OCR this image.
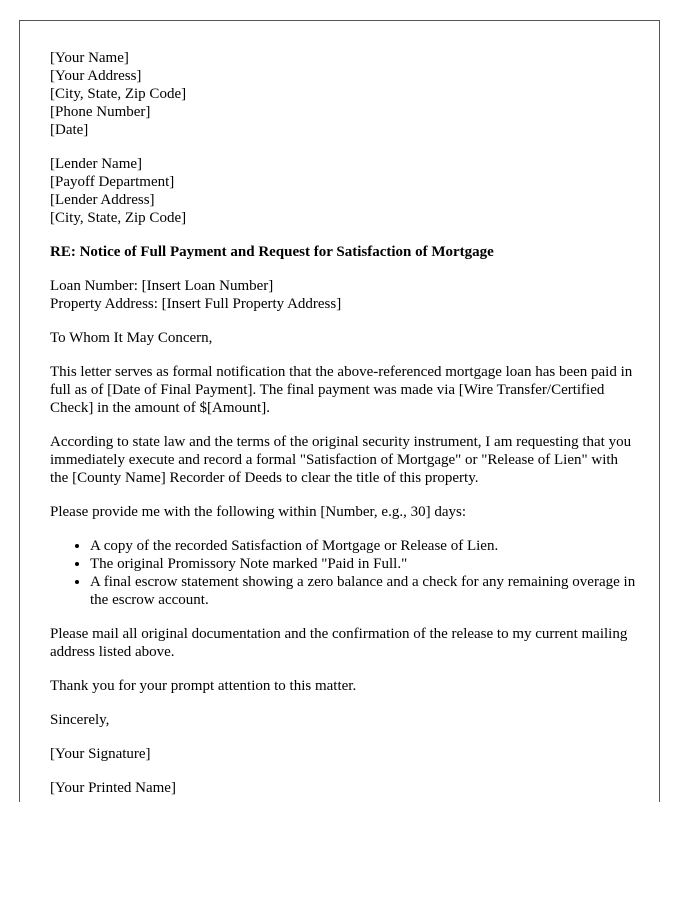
[Your Name]
[Your Address]
[City, State, Zip Code]
[Phone Number]
[Date]
[Lender Name]
[Payoff Department]
[Lender Address]
[City, State, Zip Code]
RE: Notice of Full Payment and Request for Satisfaction of Mortgage
Loan Number: [Insert Loan Number]
Property Address: [Insert Full Property Address]

To Whom It May Concern,

This letter serves as formal notification that the above-referenced mortgage loan has been paid in full as of [Date of Final Payment]. The final payment was made via [Wire Transfer/Certified Check] in the amount of $[Amount].

According to state law and the terms of the original security instrument, I am requesting that you immediately execute and record a formal "Satisfaction of Mortgage" or "Release of Lien" with the [County Name] Recorder of Deeds to clear the title of this property.

Please provide me with the following within [Number, e.g., 30] days:

• A copy of the recorded Satisfaction of Mortgage or Release of Lien.
• The original Promissory Note marked "Paid in Full."
• A final escrow statement showing a zero balance and a check for any remaining overage in the escrow account.

Please mail all original documentation and the confirmation of the release to my current mailing address listed above.

Thank you for your prompt attention to this matter.

Sincerely,

[Your Signature]

[Your Printed Name]
